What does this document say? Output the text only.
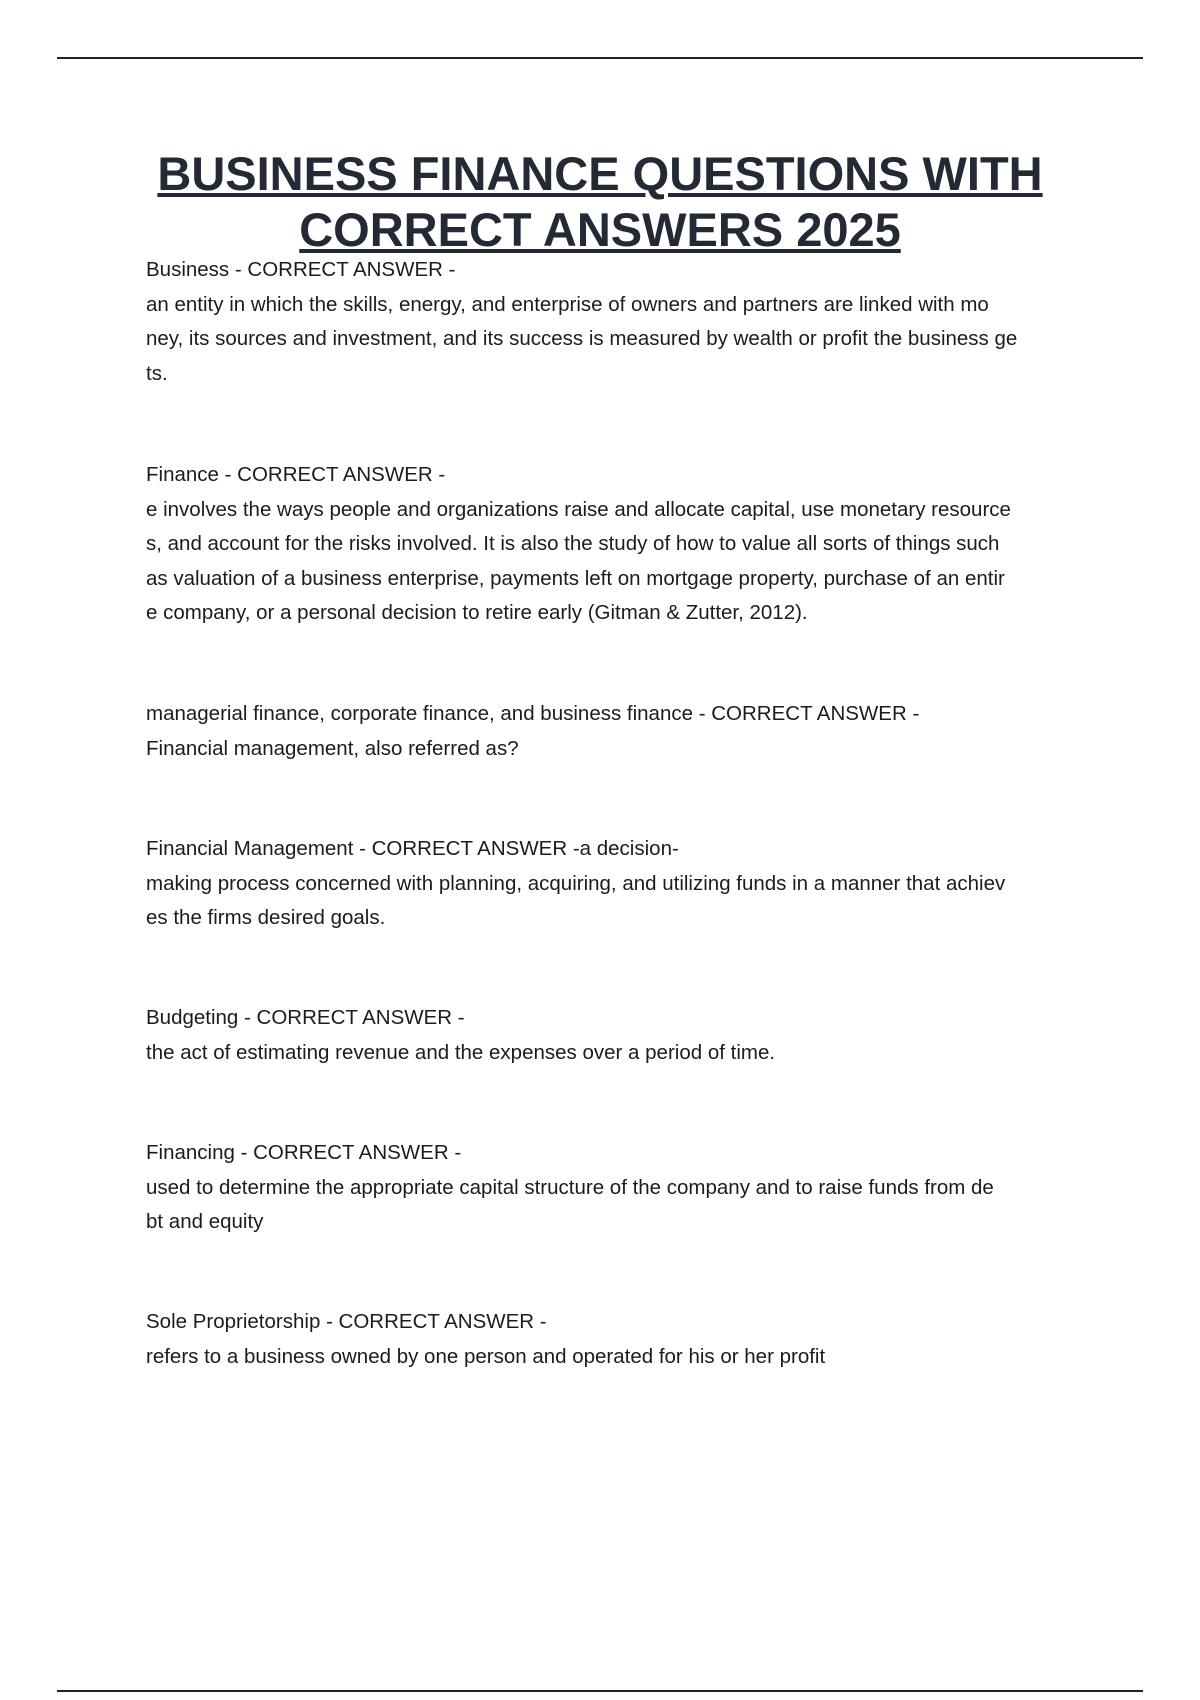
BUSINESS FINANCE QUESTIONS WITH
CORRECT ANSWERS 2025
Business - CORRECT ANSWER -

an entity in which the skills, energy, and enterprise of owners and partners are linked with mo

ney, its sources and investment, and its success is measured by wealth or profit the business ge

ts.

Finance - CORRECT ANSWER -

e involves the ways people and organizations raise and allocate capital, use monetary resource

s, and account for the risks involved. It is also the study of how to value all sorts of things such

as valuation of a business enterprise, payments left on mortgage property, purchase of an entir

e company, or a personal decision to retire early (Gitman & Zutter, 2012).

managerial finance, corporate finance, and business finance - CORRECT ANSWER -

Financial management, also referred as?

Financial Management - CORRECT ANSWER -a decision-

making process concerned with planning, acquiring, and utilizing funds in a manner that achiev

es the firms desired goals.

Budgeting - CORRECT ANSWER -

the act of estimating revenue and the expenses over a period of time.

Financing - CORRECT ANSWER -

used to determine the appropriate capital structure of the company and to raise funds from de

bt and equity

Sole Proprietorship - CORRECT ANSWER -

refers to a business owned by one person and operated for his or her profit
